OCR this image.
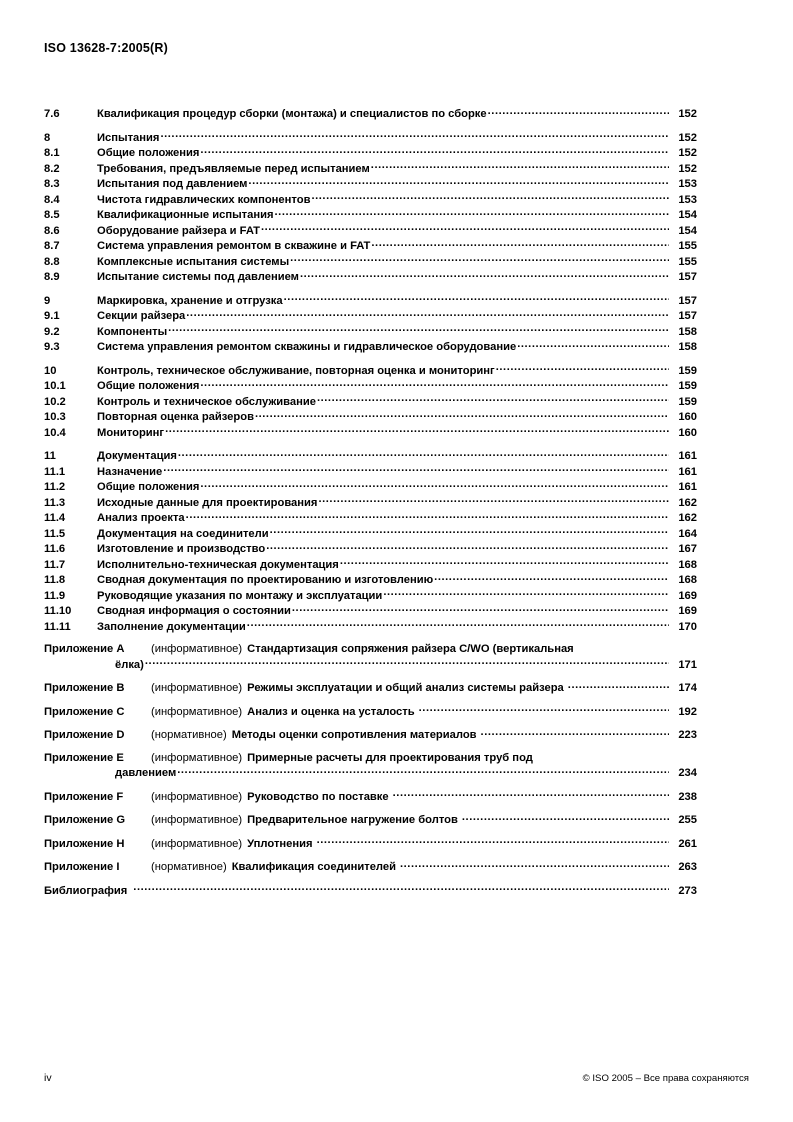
ISO 13628-7:2005(R)
7.6	Квалификация процедур сборки (монтажа) и специалистов по сборке .....	152
8	Испытания .....	152
8.1	Общие положения .....	152
8.2	Требования, предъявляемые перед испытанием .....	152
8.3	Испытания под давлением .....	153
8.4	Чистота гидравлических компонентов .....	153
8.5	Квалификационные испытания .....	154
8.6	Оборудование райзера и FAT .....	154
8.7	Система управления ремонтом в скважине и FAT .....	155
8.8	Комплексные испытания системы .....	155
8.9	Испытание системы под давлением .....	157
9	Маркировка, хранение и отгрузка .....	157
9.1	Секции райзера .....	157
9.2	Компоненты .....	158
9.3	Система управления ремонтом скважины и гидравлическое оборудование .....	158
10	Контроль, техническое обслуживание, повторная оценка и мониторинг .....	159
10.1	Общие положения .....	159
10.2	Контроль и техническое обслуживание .....	159
10.3	Повторная оценка райзеров .....	160
10.4	Мониторинг .....	160
11	Документация .....	161
11.1	Назначение .....	161
11.2	Общие положения .....	161
11.3	Исходные данные для проектирования .....	162
11.4	Анализ проекта .....	162
11.5	Документация на соединители .....	164
11.6	Изготовление и производство .....	167
11.7	Исполнительно-техническая документация .....	168
11.8	Сводная документация по проектированию и изготовлению .....	168
11.9	Руководящие указания по монтажу и эксплуатации .....	169
11.10	Сводная информация о состоянии .....	169
11.11	Заполнение документации .....	170
Приложение A	(информативное) Стандартизация сопряжения райзера C/WO (вертикальная
ёлка) .....	171
Приложение B	(информативное) Режимы эксплуатации и общий анализ системы райзера .....	174
Приложение C	(информативное) Анализ и оценка на усталость .....	192
Приложение D	(нормативное) Методы оценки сопротивления материалов .....	223
Приложение E	(информативное) Примерные расчеты для проектирования труб под
давлением .....	234
Приложение F	(информативное) Руководство по поставке .....	238
Приложение G	(информативное) Предварительное нагружение болтов .....	255
Приложение H	(информативное) Уплотнения .....	261
Приложение I	(нормативное) Квалификация соединителей .....	263
Библиография .....	273
iv	© ISO 2005 – Все права сохраняются
